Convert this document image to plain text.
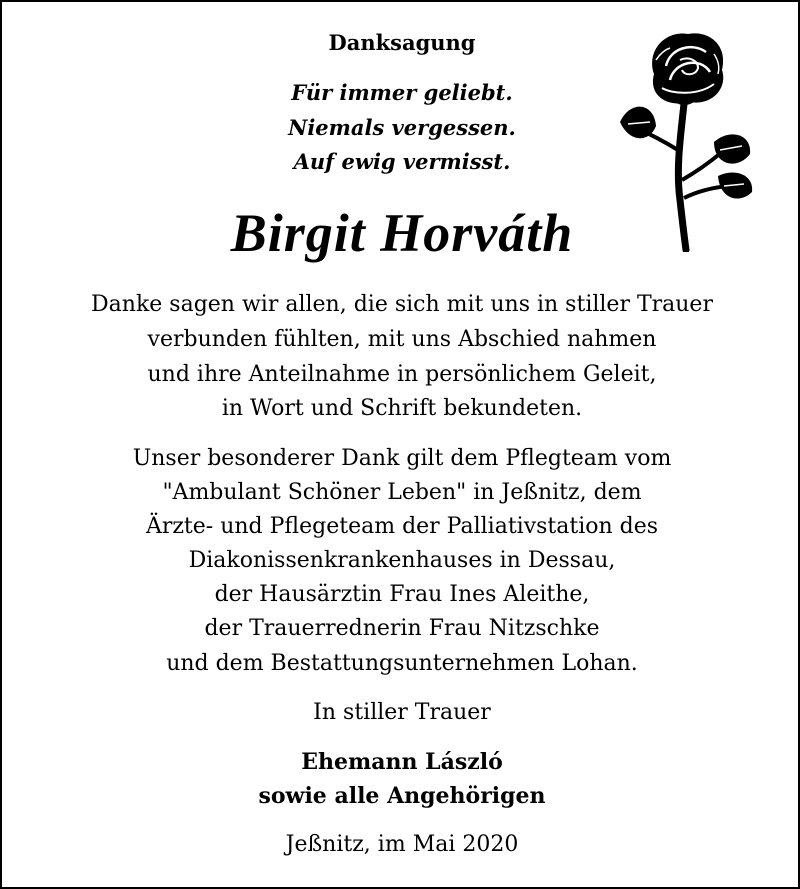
Danksagung
Für immer geliebt.
Niemals vergessen.
Auf ewig vermisst.
Birgit Horváth
Danke sagen wir allen, die sich mit uns in stiller Trauer
verbunden fühlten, mit uns Abschied nahmen
und ihre Anteilnahme in persönlichem Geleit,
in Wort und Schrift bekundeten.
Unser besonderer Dank gilt dem Pflegteam vom
"Ambulant Schöner Leben" in Jeßnitz, dem
Ärzte- und Pflegeteam der Palliativstation des
Diakonissenkrankenhauses in Dessau,
der Hausärztin Frau Ines Aleithe,
der Trauerrednerin Frau Nitzschke
und dem Bestattungsunternehmen Lohan.
In stiller Trauer
Ehemann László
sowie alle Angehörigen
Jeßnitz, im Mai 2020
